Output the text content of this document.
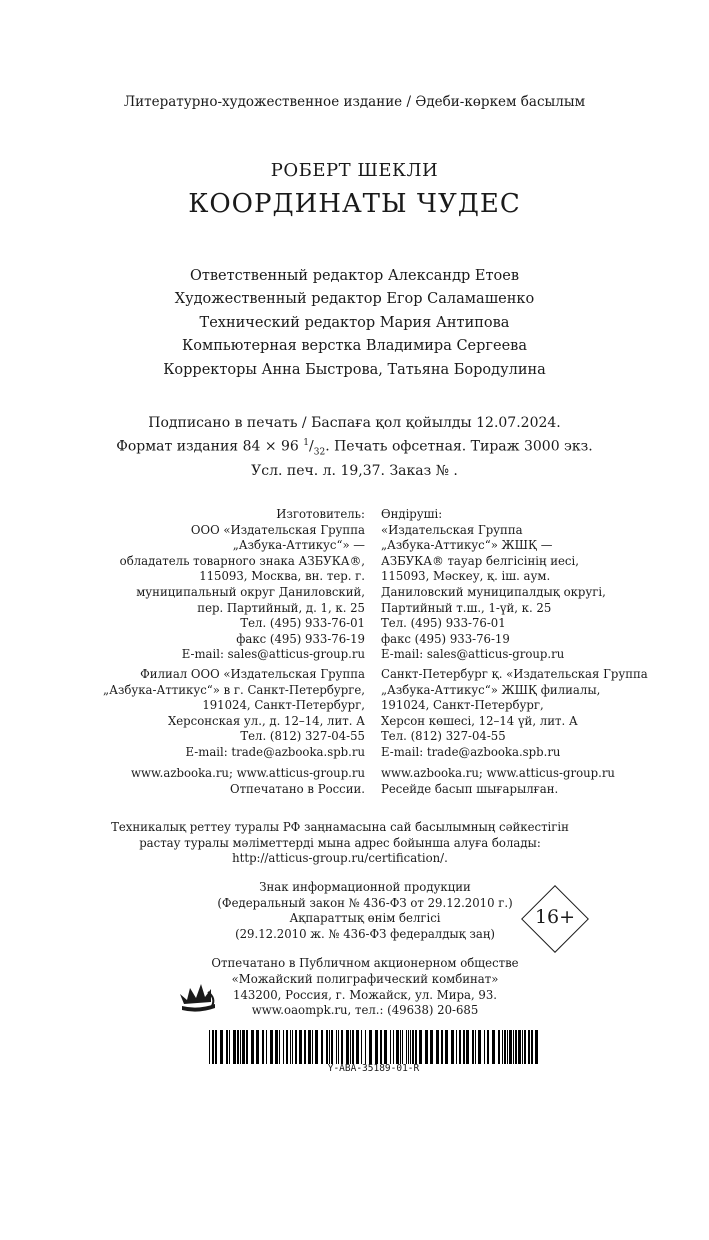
Литературно-художественное издание / Әдеби-көркем басылым
РОБЕРТ ШЕКЛИ
КООРДИНАТЫ ЧУДЕС
Ответственный редактор Александр Етоев
Художественный редактор Егор Саламашенко
Технический редактор Мария Антипова
Компьютерная верстка Владимира Сергеева
Корректоры Анна Быстрова, Татьяна Бородулина
Подписано в печать / Баспаға қол қойылды 12.07.2024.
Формат издания 84 × 96 $^1/_{32}$. Печать офсетная. Тираж 3000 экз.
Усл. печ. л. 19,37. Заказ № .
Изготовитель:
ООО «Издательская Группа
„Азбука-Аттикус“» —
обладатель товарного знака АЗБУКА®,
115093, Москва, вн. тер. г.
муниципальный округ Даниловский,
пер. Партийный, д. 1, к. 25
Тел. (495) 933-76-01
факс (495) 933-76-19
E-mail: sales@atticus-group.ru
Өндіруші:
«Издательская Группа
„Азбука-Аттикус“» ЖШҚ —
АЗБУКА® тауар белгісінің иесі,
115093, Мәскеу, қ. іш. аум.
Даниловский муниципалдық округі,
Партийный т.ш., 1-үй, к. 25
Тел. (495) 933-76-01
факс (495) 933-76-19
E-mail: sales@atticus-group.ru
Филиал ООО «Издательская Группа
„Азбука-Аттикус“» в г. Санкт-Петербурге,
191024, Санкт-Петербург,
Херсонская ул., д. 12–14, лит. А
Тел. (812) 327-04-55
E-mail: trade@azbooka.spb.ru
Санкт-Петербург қ. «Издательская Группа
„Азбука-Аттикус“» ЖШҚ филиалы,
191024, Санкт-Петербург,
Херсон көшесі, 12–14 үй, лит. А
Тел. (812) 327-04-55
E-mail: trade@azbooka.spb.ru
www.azbooka.ru; www.atticus-group.ru
Отпечатано в России.
www.azbooka.ru; www.atticus-group.ru
Ресейде басып шығарылған.
Техникалық реттеу туралы РФ заңнамасына сай басылымның сәйкестігін
растау туралы мәліметтерді мына адрес бойынша алуға болады:
http://atticus-group.ru/certification/.
Знак информационной продукции
(Федеральный закон № 436-ФЗ от 29.12.2010 г.)
Ақпараттық өнім белгісі
(29.12.2010 ж. № 436-ФЗ федералдық заң)
16+
Отпечатано в Публичном акционерном обществе
«Можайский полиграфический комбинат»
143200, Россия, г. Можайск, ул. Мира, 93.
www.oaompk.ru, тел.: (49638) 20-685
Y-ABA-35189-01-R
